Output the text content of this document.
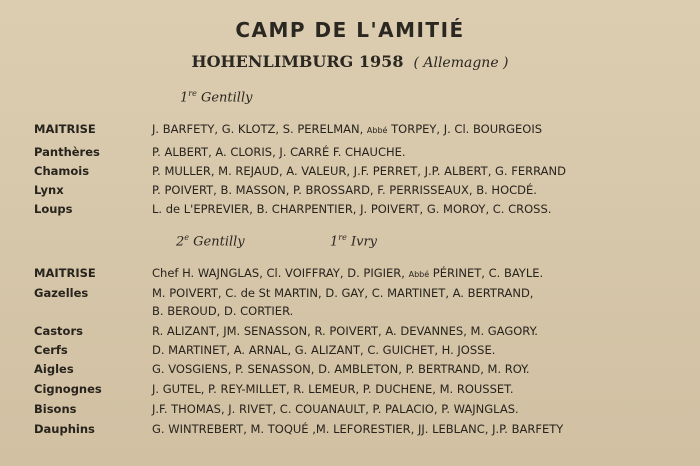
CAMP DE L'AMITIÉ
HOHENLIMBURG 1958 ( Allemagne )
1re Gentilly
MAITRISE	J. BARFETY, G. KLOTZ, S. PERELMAN, Abbé TORPEY, J. Cl. BOURGEOIS
Panthères	P. ALBERT, A. CLORIS, J. CARRÉ F. CHAUCHE.
Chamois	P. MULLER, M. REJAUD, A. VALEUR, J.F. PERRET, J.P. ALBERT, G. FERRAND
Lynx	P. POIVERT, B. MASSON, P. BROSSARD, F. PERRISSEAUX, B. HOCDÉ.
Loups	L. de L'EPREVIER, B. CHARPENTIER, J. POIVERT, G. MOROY, C. CROSS.
2e Gentilly	1re Ivry
MAITRISE	Chef H. WAJNGLAS, Cl. VOIFFRAY, D. PIGIER, Abbé PÉRINET, C. BAYLE.
Gazelles	M. POIVERT, C. de St MARTIN, D. GAY, C. MARTINET, A. BERTRAND,
B. BEROUD, D. CORTIER.
Castors	R. ALIZANT, JM. SENASSON, R. POIVERT, A. DEVANNES, M. GAGORY.
Cerfs	D. MARTINET, A. ARNAL, G. ALIZANT, C. GUICHET, H. JOSSE.
Aigles	G. VOSGIENS, P. SENASSON, D. AMBLETON, P. BERTRAND, M. ROY.
Cignognes	J. GUTEL, P. REY-MILLET, R. LEMEUR, P. DUCHENE, M. ROUSSET.
Bisons	J.F. THOMAS, J. RIVET, C. COUANAULT, P. PALACIO, P. WAJNGLAS.
Dauphins	G. WINTREBERT, M. TOQUÉ ,M. LEFORESTIER, JJ. LEBLANC, J.P. BARFETY
